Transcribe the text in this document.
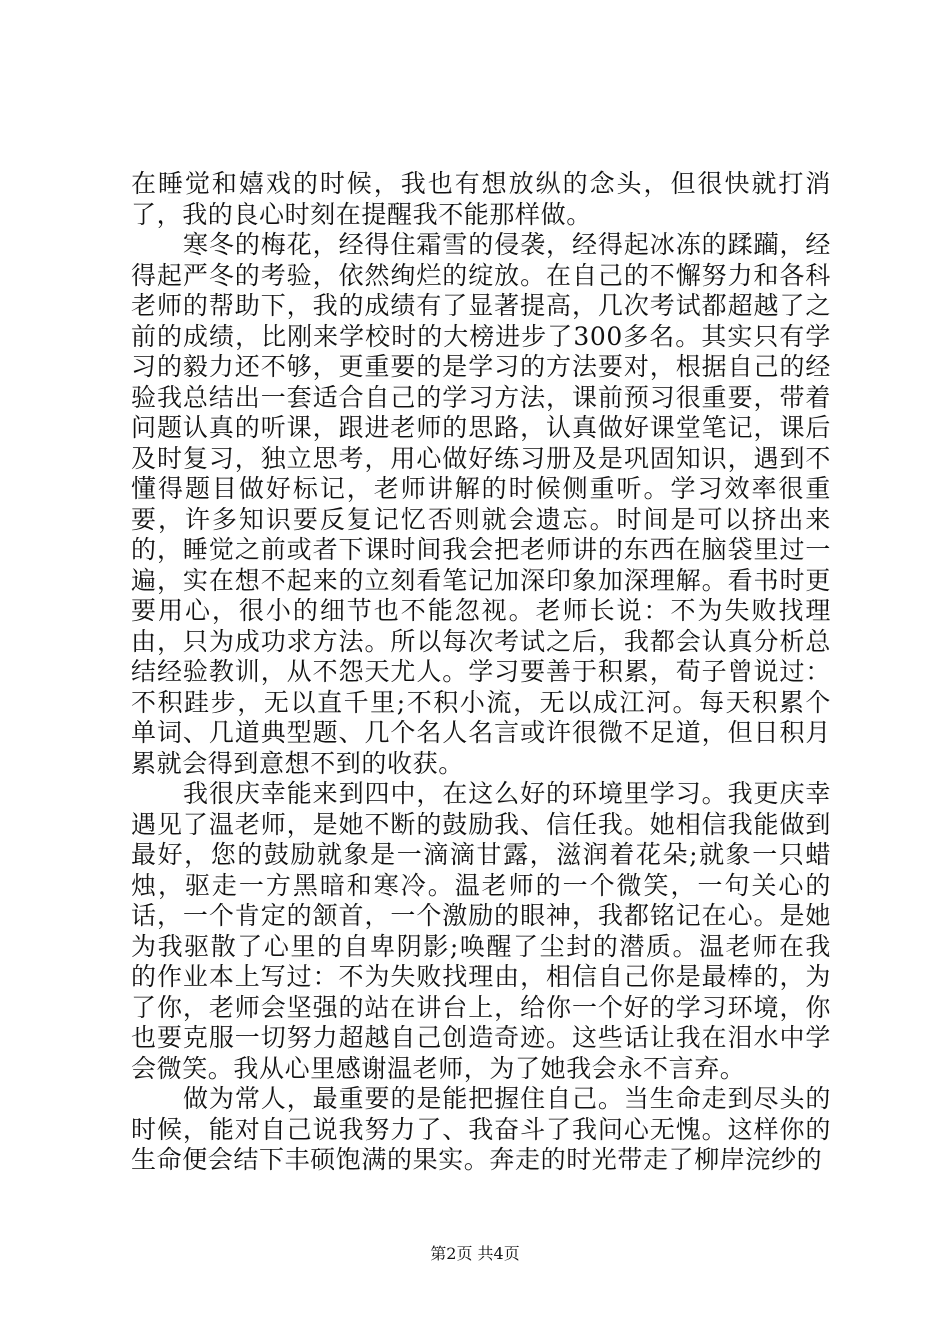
在睡觉和嬉戏的时候，我也有想放纵的念头，但很快就打消了，我的良心时刻在提醒我不能那样做。

寒冬的梅花，经得住霜雪的侵袭，经得起冰冻的蹂躏，经得起严冬的考验，依然绚烂的绽放。在自己的不懈努力和各科老师的帮助下，我的成绩有了显著提高，几次考试都超越了之前的成绩，比刚来学校时的大榜进步了300多名。其实只有学习的毅力还不够，更重要的是学习的方法要对，根据自己的经验我总结出一套适合自己的学习方法，课前预习很重要，带着问题认真的听课，跟进老师的思路，认真做好课堂笔记，课后及时复习，独立思考，用心做好练习册及是巩固知识，遇到不懂得题目做好标记，老师讲解的时候侧重听。学习效率很重要，许多知识要反复记忆否则就会遗忘。时间是可以挤出来的，睡觉之前或者下课时间我会把老师讲的东西在脑袋里过一遍，实在想不起来的立刻看笔记加深印象加深理解。看书时更要用心，很小的细节也不能忽视。老师长说：不为失败找理由，只为成功求方法。所以每次考试之后，我都会认真分析总结经验教训，从不怨天尤人。学习要善于积累，荀子曾说过：不积跬步，无以直千里;不积小流，无以成江河。每天积累个单词、几道典型题、几个名人名言或许很微不足道，但日积月累就会得到意想不到的收获。

我很庆幸能来到四中，在这么好的环境里学习。我更庆幸遇见了温老师，是她不断的鼓励我、信任我。她相信我能做到最好，您的鼓励就象是一滴滴甘露，滋润着花朵;就象一只蜡烛，驱走一方黑暗和寒冷。温老师的一个微笑，一句关心的话，一个肯定的颔首，一个激励的眼神，我都铭记在心。是她为我驱散了心里的自卑阴影;唤醒了尘封的潜质。温老师在我的作业本上写过：不为失败找理由，相信自己你是最棒的，为了你，老师会坚强的站在讲台上，给你一个好的学习环境，你也要克服一切努力超越自己创造奇迹。这些话让我在泪水中学会微笑。我从心里感谢温老师，为了她我会永不言弃。

做为常人，最重要的是能把握住自己。当生命走到尽头的时候，能对自己说我努力了、我奋斗了我问心无愧。这样你的生命便会结下丰硕饱满的果实。奔走的时光带走了柳岸浣纱的

第2页 共4页
